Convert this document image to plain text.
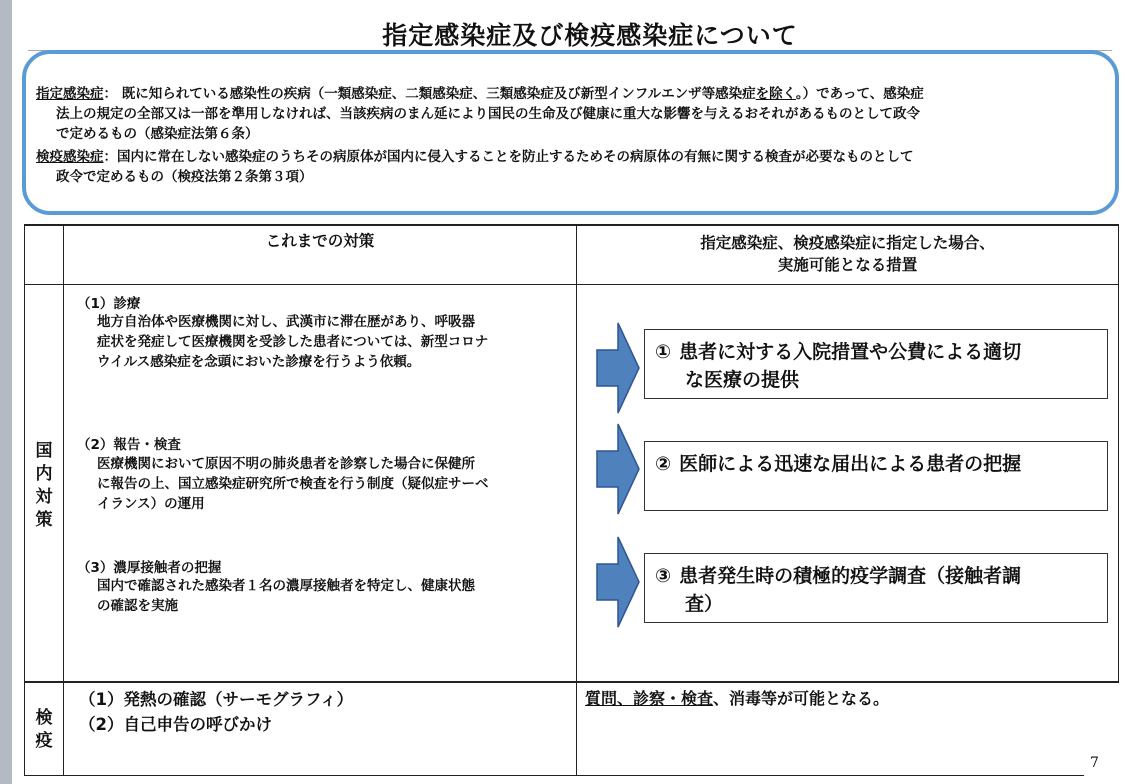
指定感染症及び検疫感染症について
指定感染症： 既に知られている感染性の疾病（一類感染症、二類感染症、三類感染症及び新型インフルエンザ等感染症を除く。）であって、感染症
法上の規定の全部又は一部を準用しなければ、当該疾病のまん延により国民の生命及び健康に重大な影響を与えるおそれがあるものとして政令
で定めるもの（感染症法第６条）
検疫感染症：国内に常在しない感染症のうちその病原体が国内に侵入することを防止するためその病原体の有無に関する検査が必要なものとして
政令で定めるもの（検疫法第２条第３項）
これまでの対策	指定感染症、検疫感染症に指定した場合、
実施可能となる措置
国
内
対
策
検
疫
（1）診療
地方自治体や医療機関に対し、武漢市に滞在歴があり、呼吸器
症状を発症して医療機関を受診した患者については、新型コロナ
ウイルス感染症を念頭においた診療を行うよう依頼。
（2）報告・検査
医療機関において原因不明の肺炎患者を診察した場合に保健所
に報告の上、国立感染症研究所で検査を行う制度（疑似症サーベ
イランス）の運用
（3）濃厚接触者の把握
国内で確認された感染者１名の濃厚接触者を特定し、健康状態
の確認を実施
① 患者に対する入院措置や公費による適切
な医療の提供
② 医師による迅速な届出による患者の把握
③ 患者発生時の積極的疫学調査（接触者調
査）
（1）発熱の確認（サーモグラフィ）
（2）自己申告の呼びかけ
質問、診察・検査、消毒等が可能となる。
7
